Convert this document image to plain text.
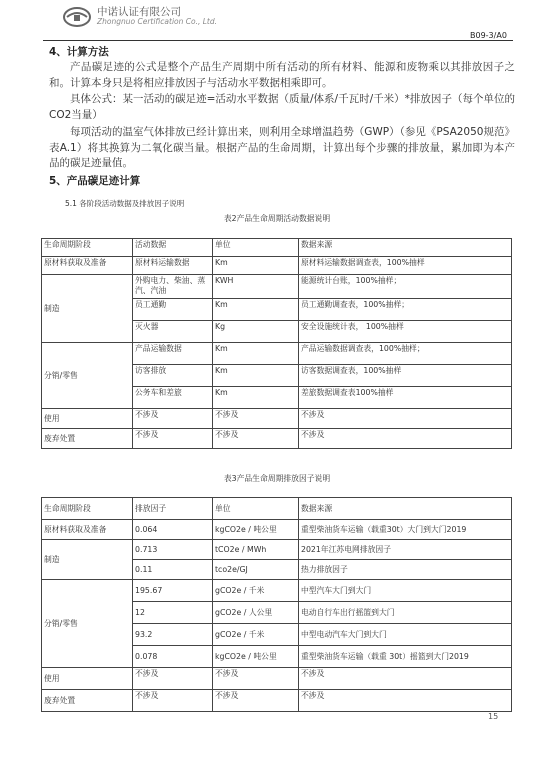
中诺认证有限公司
Zhongnuo Certification Co., Ltd.
B09-3/A0
4、计算方法
产品碳足迹的公式是整个产品生产周期中所有活动的所有材料、能源和废物乘以其排放因子之和。计算本身只是将相应排放因子与活动水平数据相乘即可。
具体公式：某一活动的碳足迹=活动水平数据（质量/体系/千瓦时/千米）*排放因子（每个单位的CO2当量）
每项活动的温室气体排放已经计算出来，则利用全球增温趋势（GWP）（参见《PSA2050规范》表A.1）将其换算为二氧化碳当量。根据产品的生命周期，计算出每个步骤的排放量，累加即为本产品的碳足迹量值。
5、产品碳足迹计算
5.1 各阶段活动数据及排放因子说明
表2产品生命周期活动数据说明
生命周期阶段	活动数据	单位	数据来源
原材料获取及准备	原材料运输数据	Km	原材料运输数据调查表，100%抽样
制造	外购电力、柴油、蒸汽、汽油	KWH	能源统计台账，100%抽样；
	员工通勤	Km	员工通勤调查表，100%抽样；
	灭火器	Kg	安全设施统计表， 100%抽样
分销/零售	产品运输数据	Km	产品运输数据调查表，100%抽样；
	访客排放	Km	访客数据调查表，100%抽样
	公务车和差旅	Km	差旅数据调查表100%抽样
使用	不涉及	不涉及	不涉及
废弃处置	不涉及	不涉及	不涉及
表3产品生命周期排放因子说明
生命周期阶段	排放因子	单位	数据来源
原材料获取及准备	0.064	kgCO2e / 吨公里	重型柴油货车运输（载重30t）大门到大门2019
制造	0.713	tCO2e / MWh	2021年江苏电网排放因子
	0.11	tco2e/GJ	热力排放因子
分销/零售	195.67	gCO2e / 千米	中型汽车大门到大门
	12	gCO2e / 人公里	电动自行车出行摇篮到大门
	93.2	gCO2e / 千米	中型电动汽车大门到大门
	0.078	kgCO2e / 吨公里	重型柴油货车运输（载重 30t）摇篮到大门2019
使用	不涉及	不涉及	不涉及
废弃处置	不涉及	不涉及	不涉及
15
